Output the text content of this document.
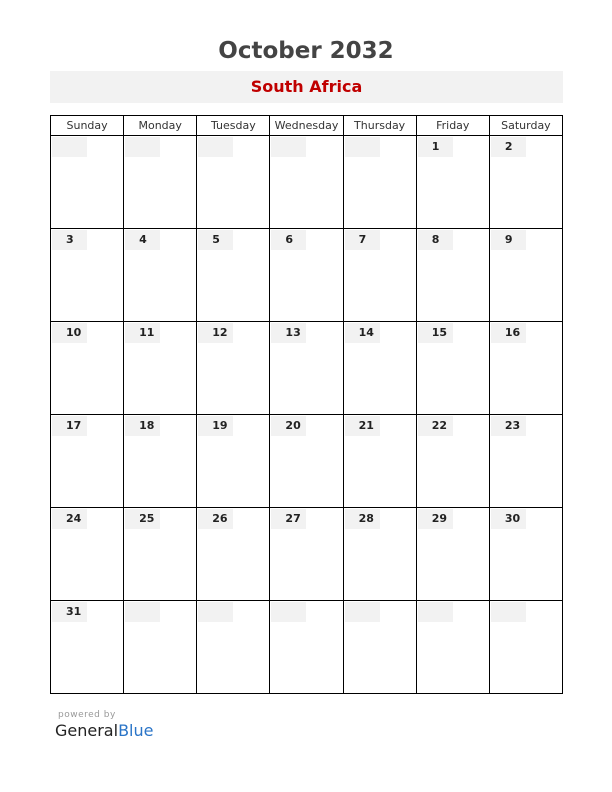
October 2032
South Africa
Sunday	Monday	Tuesday	Wednesday	Thursday	Friday	Saturday

					1	2

3	4	5	6	7	8	9

10	11	12	13	14	15	16

17	18	19	20	21	22	23

24	25	26	27	28	29	30

31						

powered by
GeneralBlue
